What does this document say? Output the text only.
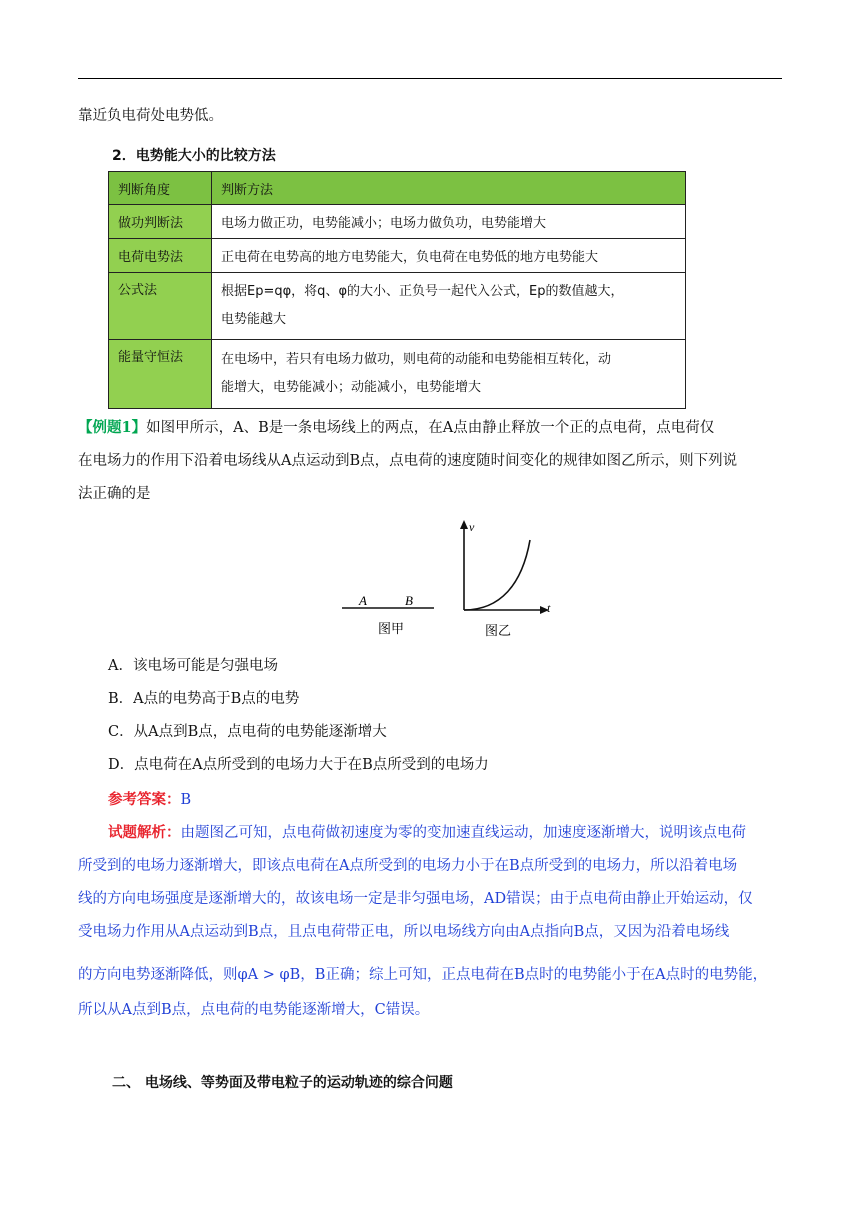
靠近负电荷处电势低。
2．电势能大小的比较方法
判断角度	判断方法
做功判断法	电场力做正功，电势能减小；电场力做负功，电势能增大
电荷电势法	正电荷在电势高的地方电势能大，负电荷在电势低的地方电势能大
公式法	根据Ep=qφ，将q、φ的大小、正负号一起代入公式，Ep的数值越大，
电势能越大

能量守恒法	在电场中，若只有电场力做功，则电荷的动能和电势能相互转化，动
能增大，电势能减小；动能减小，电势能增大
【例题1】如图甲所示，A、B是一条电场线上的两点，在A点由静止释放一个正的点电荷，点电荷仅
在电场力的作用下沿着电场线从A点运动到B点，点电荷的速度随时间变化的规律如图乙所示，则下列说
法正确的是
A	B
图甲
v
t
图乙
A．该电场可能是匀强电场
B．A点的电势高于B点的电势
C．从A点到B点，点电荷的电势能逐渐增大
D．点电荷在A点所受到的电场力大于在B点所受到的电场力
参考答案：B
试题解析：由题图乙可知，点电荷做初速度为零的变加速直线运动，加速度逐渐增大，说明该点电荷
所受到的电场力逐渐增大，即该点电荷在A点所受到的电场力小于在B点所受到的电场力，所以沿着电场
线的方向电场强度是逐渐增大的，故该电场一定是非匀强电场，AD错误；由于点电荷由静止开始运动，仅
受电场力作用从A点运动到B点，且点电荷带正电，所以电场线方向由A点指向B点，又因为沿着电场线
的方向电势逐渐降低，则φA > φB，B正确；综上可知，正点电荷在B点时的电势能小于在A点时的电势能，
所以从A点到B点，点电荷的电势能逐渐增大，C错误。
二、 电场线、等势面及带电粒子的运动轨迹的综合问题
